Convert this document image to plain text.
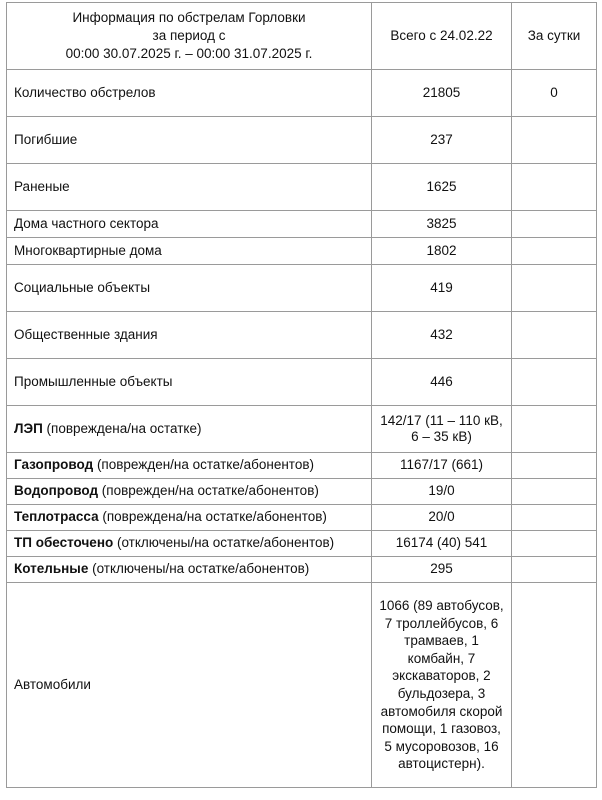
Информация по обстрелам Горловки
за период с
00:00 30.07.2025 г. – 00:00 31.07.2025 г.	Всего с 24.02.22	За сутки
Количество обстрелов	21805	0
Погибшие	237	
Раненые	1625	
Дома частного сектора	3825	
Многоквартирные дома	1802	
Социальные объекты	419	
Общественные здания	432	
Промышленные объекты	446	
ЛЭП (повреждена/на остатке)	142/17 (11 – 110 кВ, 6 – 35 кВ)	
Газопровод (поврежден/на остатке/абонентов)	1167/17 (661)	
Водопровод (поврежден/на остатке/абонентов)	19/0	
Теплотрасса (повреждена/на остатке/абонентов)	20/0	
ТП обесточено (отключены/на остатке/абонентов)	16174 (40) 541	
Котельные (отключены/на остатке/абонентов)	295	
Автомобили	1066 (89 автобусов, 7 троллейбусов, 6 трамваев, 1 комбайн, 7 экскаваторов, 2 бульдозера, 3 автомобиля скорой помощи, 1 газовоз, 5 мусоровозов, 16 автоцистерн).	
